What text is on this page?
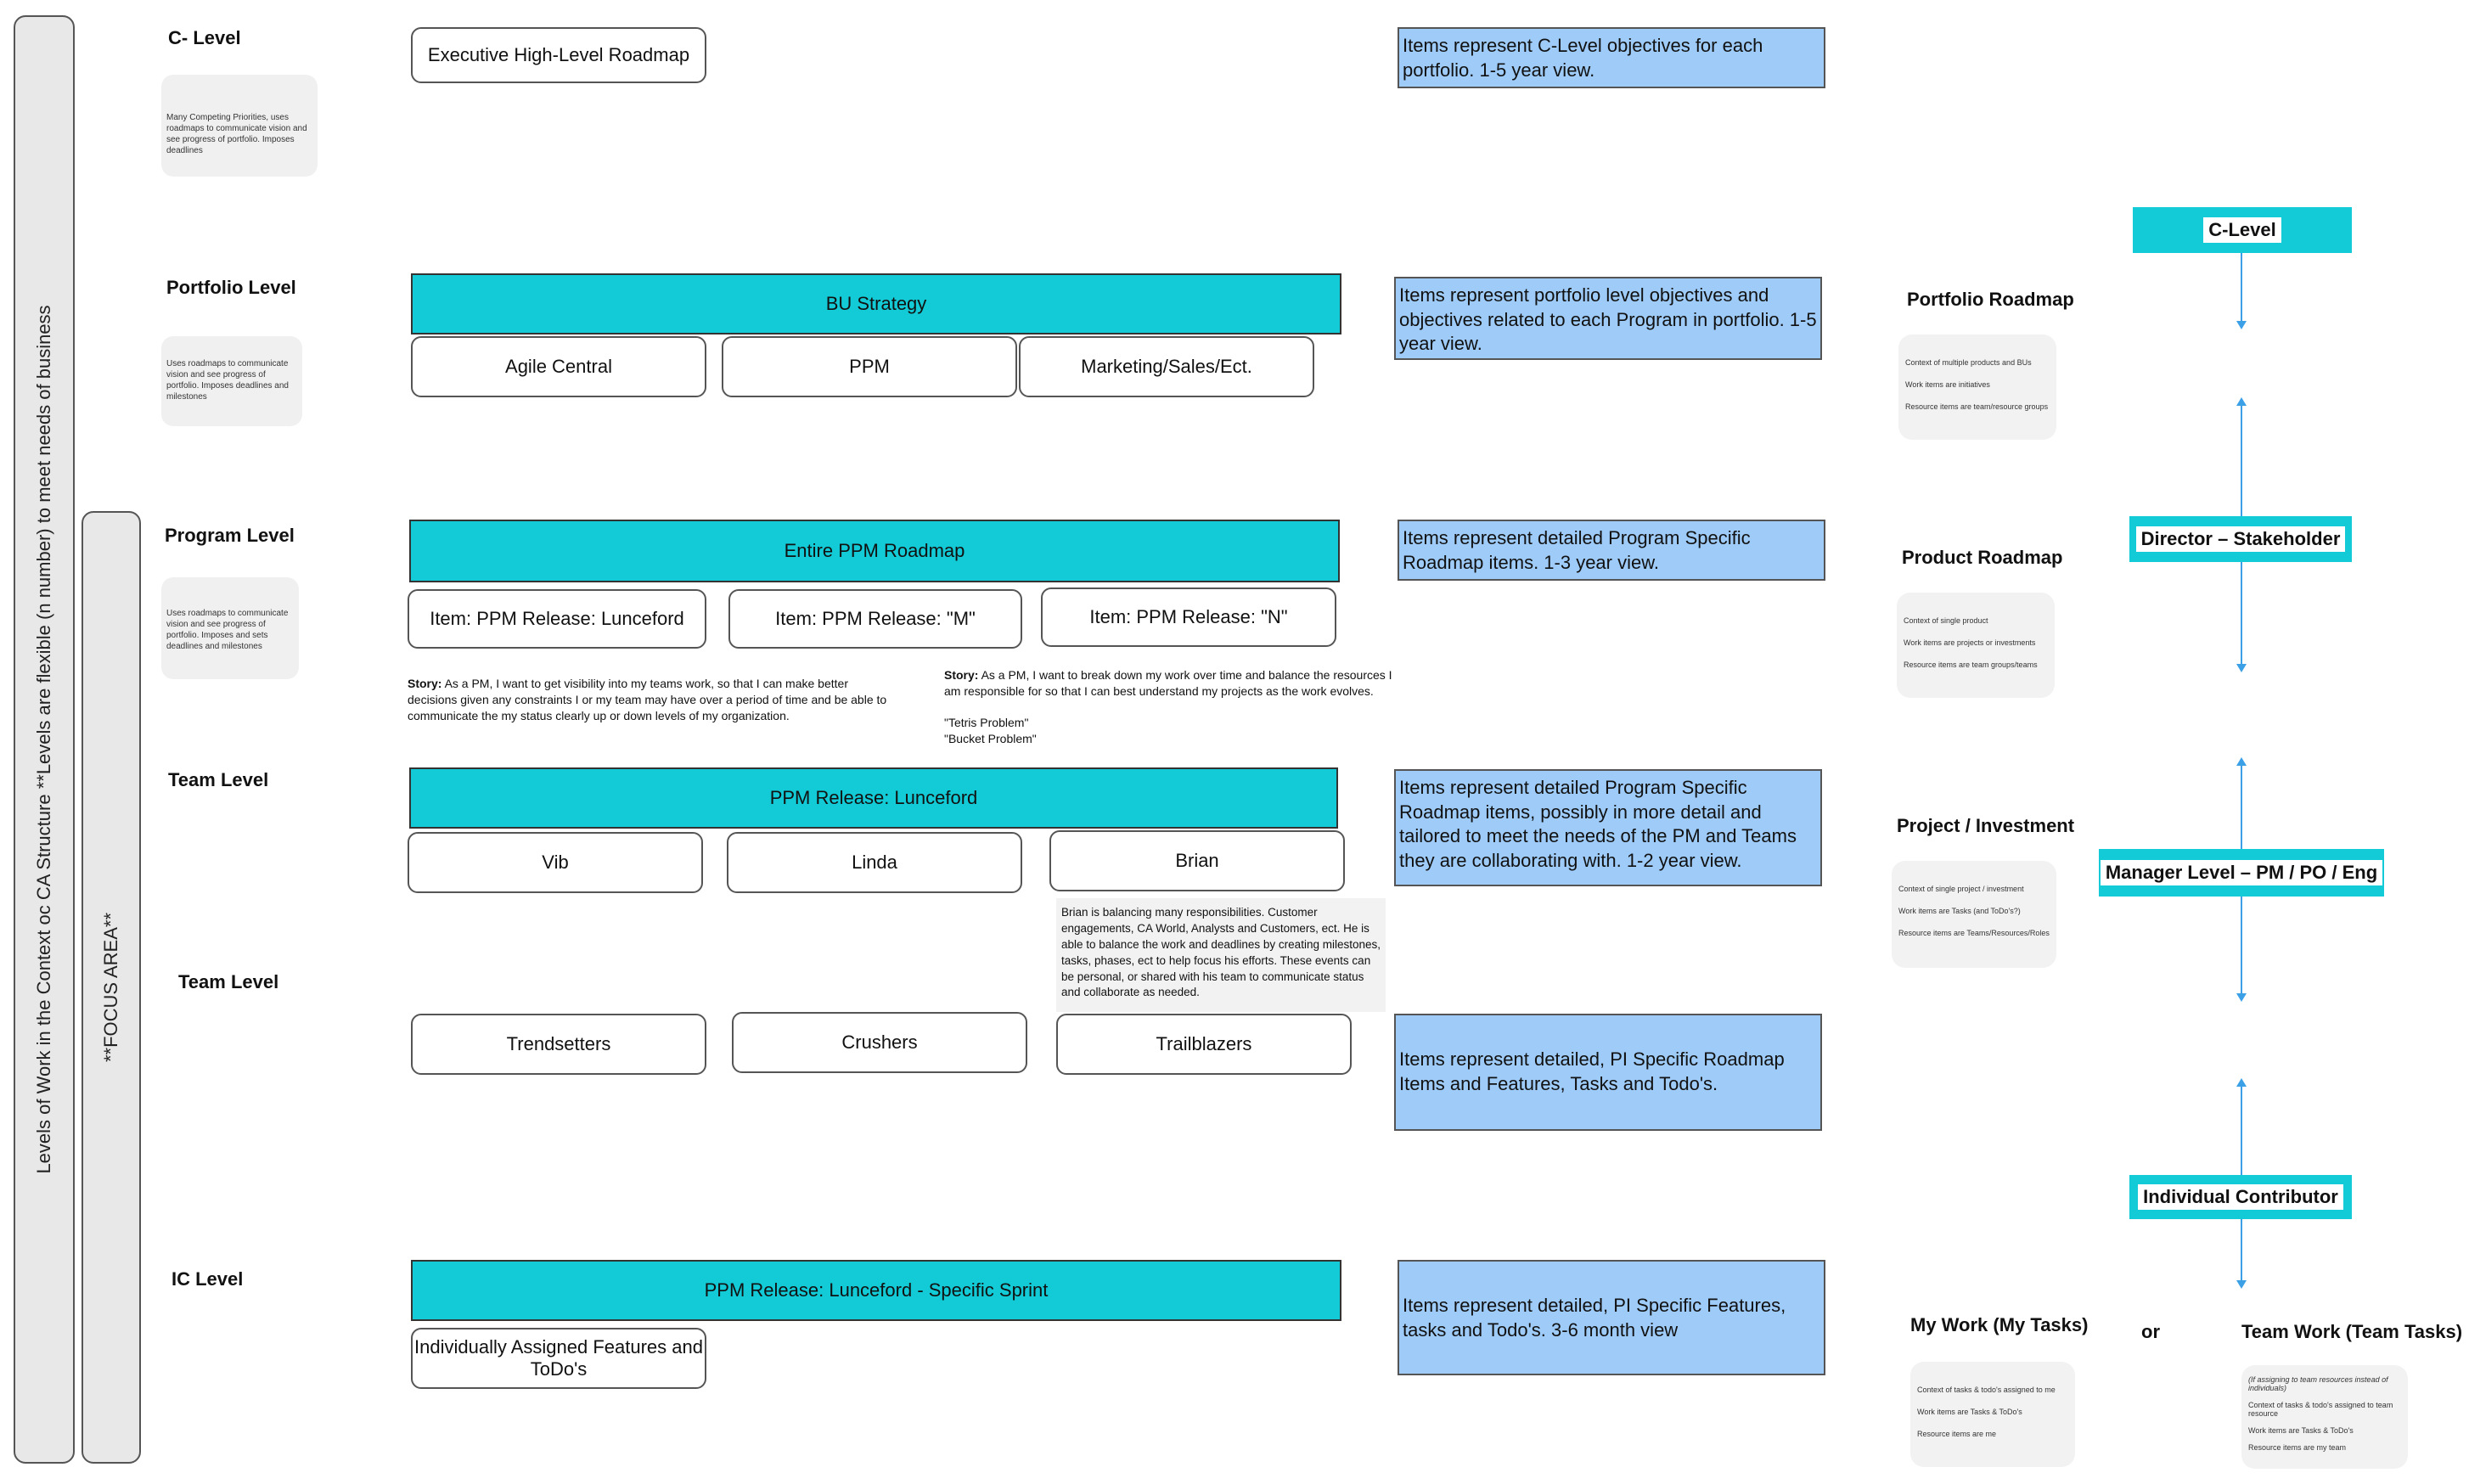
Levels of Work in the Context oc CA Structure **Levels are flexible (n number) to meet needs of business **FOCUS AREA**
C- Level
Many Competing Priorities, uses roadmaps to communicate vision and see progress of portfolio. Imposes deadlines
Executive High-Level Roadmap	Items represent C-Level objectives for each portfolio. 1-5 year view.
Portfolio Level
Uses roadmaps to communicate vision and see progress of portfolio. Imposes deadlines and milestones
BU Strategy
Agile Central	PPM	Marketing/Sales/Ect.
Items represent portfolio level objectives and objectives related to each Program in portfolio. 1-5 year view.
Program Level
Uses roadmaps to communicate vision and see progress of portfolio. Imposes and sets deadlines and milestones
Entire PPM Roadmap
Item: PPM Release: Lunceford	Item: PPM Release: "M"	Item: PPM Release: "N"
Items represent detailed Program Specific Roadmap items. 1-3 year view.
Story: As a PM, I want to get visibility into my teams work, so that I can make better decisions given any constraints I or my team may have over a period of time and be able to communicate the my status clearly up or down levels of my organization.
Story: As a PM, I want to break down my work over time and balance the resources I am responsible for so that I can best understand my projects as the work evolves.
"Tetris Problem"
"Bucket Problem"
Team Level
PPM Release: Lunceford
Vib	Linda	Brian
Items represent detailed Program Specific Roadmap items, possibly in more detail and tailored to meet the needs of the PM and Teams they are collaborating with. 1-2 year view.
Brian is balancing many responsibilities. Customer engagements, CA World, Analysts and Customers, ect. He is able to balance the work and deadlines by creating milestones, tasks, phases, ect to help focus his efforts. These events can be personal, or shared with his team to communicate status and collaborate as needed.
Team Level
Trendsetters	Crushers	Trailblazers
Items represent detailed, PI Specific Roadmap Items and Features, Tasks and Todo's.
IC Level
PPM Release: Lunceford - Specific Sprint
Individually Assigned Features and ToDo's
Items represent detailed, PI Specific Features, tasks and Todo's. 3-6 month view
Portfolio Roadmap
Context of multiple products and BUs
Work items are initiatives
Resource items are team/resource groups
Product Roadmap
Context of single product
Work items are projects or investments
Resource items are team groups/teams
Project / Investment
Context of single project / investment
Work items are Tasks (and ToDo's?)
Resource items are Teams/Resources/Roles
My Work (My Tasks)
Context of tasks & todo's assigned to me
Work items are Tasks & ToDo's
Resource items are me
or	Team Work (Team Tasks)
(If assigning to team resources instead of individuals)
Context of tasks & todo's assigned to team resource
Work items are Tasks & ToDo's
Resource items are my team
C-Level
Director – Stakeholder
Manager Level – PM / PO / Eng
Individual Contributor
